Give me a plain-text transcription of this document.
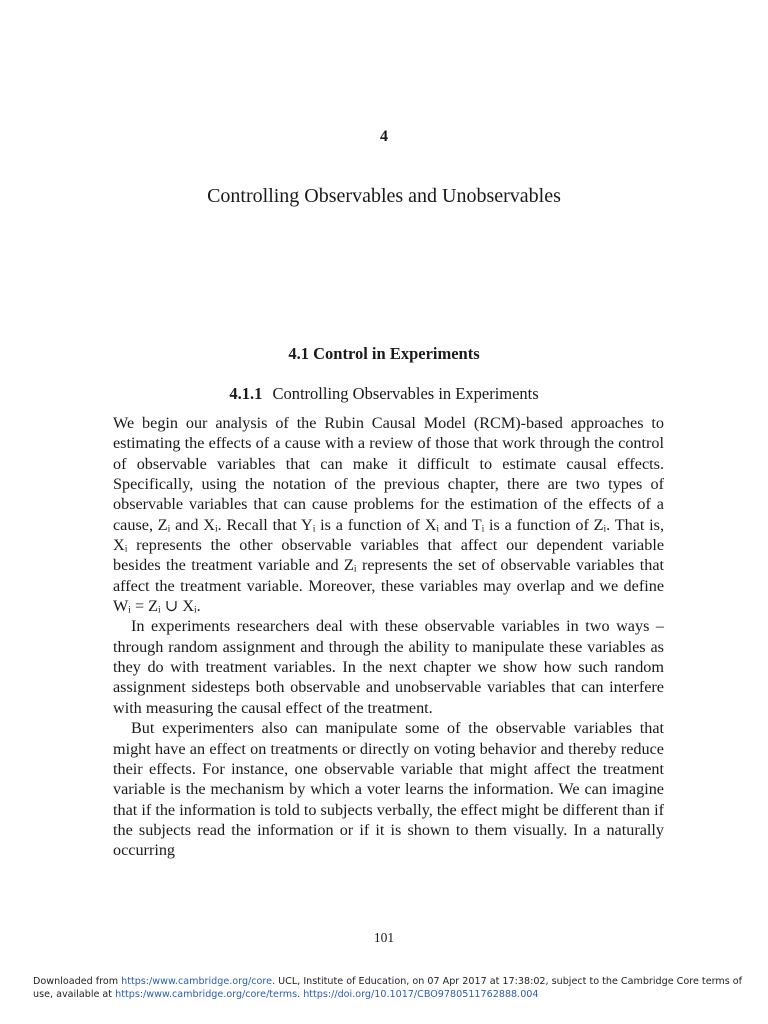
4
Controlling Observables and Unobservables
4.1 Control in Experiments
4.1.1 Controlling Observables in Experiments

We begin our analysis of the Rubin Causal Model (RCM)-based approaches to estimating the effects of a cause with a review of those that work through the control of observable variables that can make it difficult to estimate causal effects. Specifically, using the notation of the previous chapter, there are two types of observable variables that can cause problems for the estimation of the effects of a cause, Zᵢ and Xᵢ. Recall that Yᵢ is a function of Xᵢ and Tᵢ is a function of Zᵢ. That is, Xᵢ represents the other observable variables that affect our dependent variable besides the treatment variable and Zᵢ represents the set of observable variables that affect the treatment variable. Moreover, these variables may overlap and we define Wᵢ = Zᵢ ∪ Xᵢ.

In experiments researchers deal with these observable variables in two ways – through random assignment and through the ability to manipulate these variables as they do with treatment variables. In the next chapter we show how such random assignment sidesteps both observable and unobservable variables that can interfere with measuring the causal effect of the treatment.

But experimenters also can manipulate some of the observable variables that might have an effect on treatments or directly on voting behavior and thereby reduce their effects. For instance, one observable variable that might affect the treatment variable is the mechanism by which a voter learns the information. We can imagine that if the information is told to subjects verbally, the effect might be different than if the subjects read the information or if it is shown to them visually. In a naturally occurring

101
Downloaded from https:/www.cambridge.org/core. UCL, Institute of Education, on 07 Apr 2017 at 17:38:02, subject to the Cambridge Core terms of use, available at https:/www.cambridge.org/core/terms. https://doi.org/10.1017/CBO9780511762888.004
